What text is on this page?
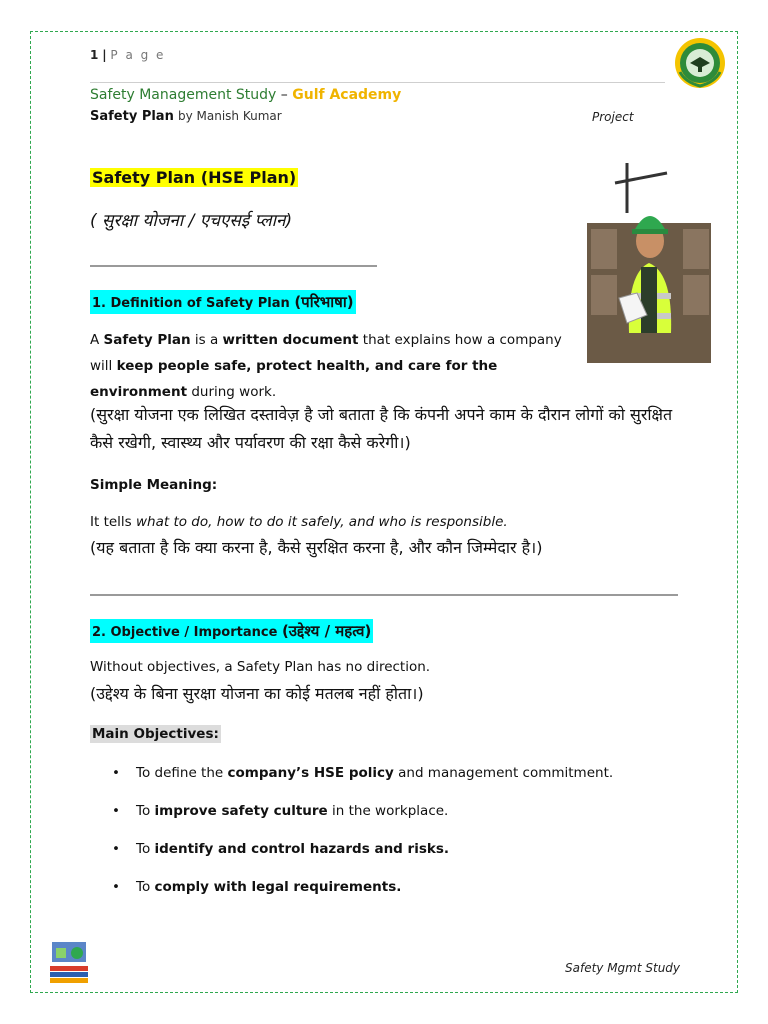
1 | P a g e
Safety Management Study – Gulf Academy
Safety Plan by Manish Kumar	Project
Safety Plan (HSE Plan)
( सुरक्षा योजना / एचएसई प्लान)
1. Definition of Safety Plan (परिभाषा)
A Safety Plan is a written document that explains how a company will keep people safe, protect health, and care for the environment during work.
(सुरक्षा योजना एक लिखित दस्तावेज़ है जो बताता है कि कंपनी अपने काम के दौरान लोगों को सुरक्षित कैसे रखेगी, स्वास्थ्य और पर्यावरण की रक्षा कैसे करेगी।)
Simple Meaning:
It tells what to do, how to do it safely, and who is responsible.
(यह बताता है कि क्या करना है, कैसे सुरक्षित करना है, और कौन जिम्मेदार है।)
2. Objective / Importance (उद्देश्य / महत्व)
Without objectives, a Safety Plan has no direction.
(उद्देश्य के बिना सुरक्षा योजना का कोई मतलब नहीं होता।)
Main Objectives:
• To define the company’s HSE policy and management commitment.
• To improve safety culture in the workplace.
• To identify and control hazards and risks.
• To comply with legal requirements.
Safety Mgmt Study
